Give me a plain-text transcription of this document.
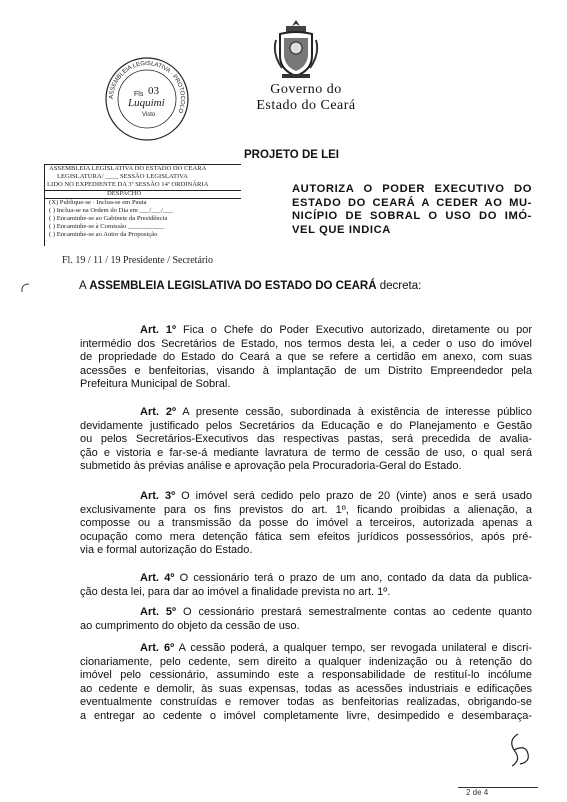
Governo do
Estado do Ceará
ASSEMBLEIA LEGISLATIVA · PROTOCOLO
Fls 03
Luquimi
Visto
PROJETO DE LEI
ASSEMBLEIA LEGISLATIVA DO ESTADO DO CEARÁ
LEGISLATURA/ ____ SESSÃO LEGISLATIVA
LIDO NO EXPEDIENTE DA 3ª SESSÃO 14ª ORDINÁRIA
DESPACHO
(X) Publique-se · Inclua-se em Pauta
( ) Inclua-se na Ordem do Dia em ___/___/___
( ) Encaminhe-se ao Gabinete da Presidência
( ) Encaminhe-se à Comissão ___________
( ) Encaminhe-se ao Autor da Proposição
Fl. 19 / 11 / 19 Presidente / Secretário
AUTORIZA O PODER EXECUTIVO DO
ESTADO DO CEARÁ A CEDER AO MU-
NICÍPIO DE SOBRAL O USO DO IMÓ-
VEL QUE INDICA
A ASSEMBLEIA LEGISLATIVA DO ESTADO DO CEARÁ decreta:
Art. 1º Fica o Chefe do Poder Executivo autorizado, diretamente ou por
intermédio dos Secretários de Estado, nos termos desta lei, a ceder o uso do imóvel
de propriedade do Estado do Ceará a que se refere a certidão em anexo, com suas
acessões e benfeitorias, visando à implantação de um Distrito Empreendedor pela
Prefeitura Municipal de Sobral.
Art. 2º A presente cessão, subordinada à existência de interesse público
devidamente justificado pelos Secretários da Educação e do Planejamento e Gestão
ou pelos Secretários-Executivos das respectivas pastas, será precedida de avalia-
ção e vistoria e far-se-á mediante lavratura de termo de cessão de uso, o qual será
submetido às prévias análise e aprovação pela Procuradoria-Geral do Estado.
Art. 3º O imóvel será cedido pelo prazo de 20 (vinte) anos e será usado
exclusivamente para os fins previstos do art. 1º, ficando proibidas a alienação, a
composse ou a transmissão da posse do imóvel a terceiros, autorizada apenas a
ocupação como mera detenção fática sem efeitos jurídicos possessórios, após pré-
via e formal autorização do Estado.
Art. 4º O cessionário terá o prazo de um ano, contado da data da publica-
ção desta lei, para dar ao imóvel a finalidade prevista no art. 1º.
Art. 5º O cessionário prestará semestralmente contas ao cedente quanto
ao cumprimento do objeto da cessão de uso.
Art. 6º A cessão poderá, a qualquer tempo, ser revogada unilateral e discri-
cionariamente, pelo cedente, sem direito a qualquer indenização ou à retenção do
imóvel pelo cessionário, assumindo este a responsabilidade de restituí-lo incólume
ao cedente e demolir, às suas expensas, todas as acessões industriais e edificações
eventualmente construídas e remover todas as benfeitorias realizadas, obrigando-se
a entregar ao cedente o imóvel completamente livre, desimpedido e desembaraça-
2 de 4
